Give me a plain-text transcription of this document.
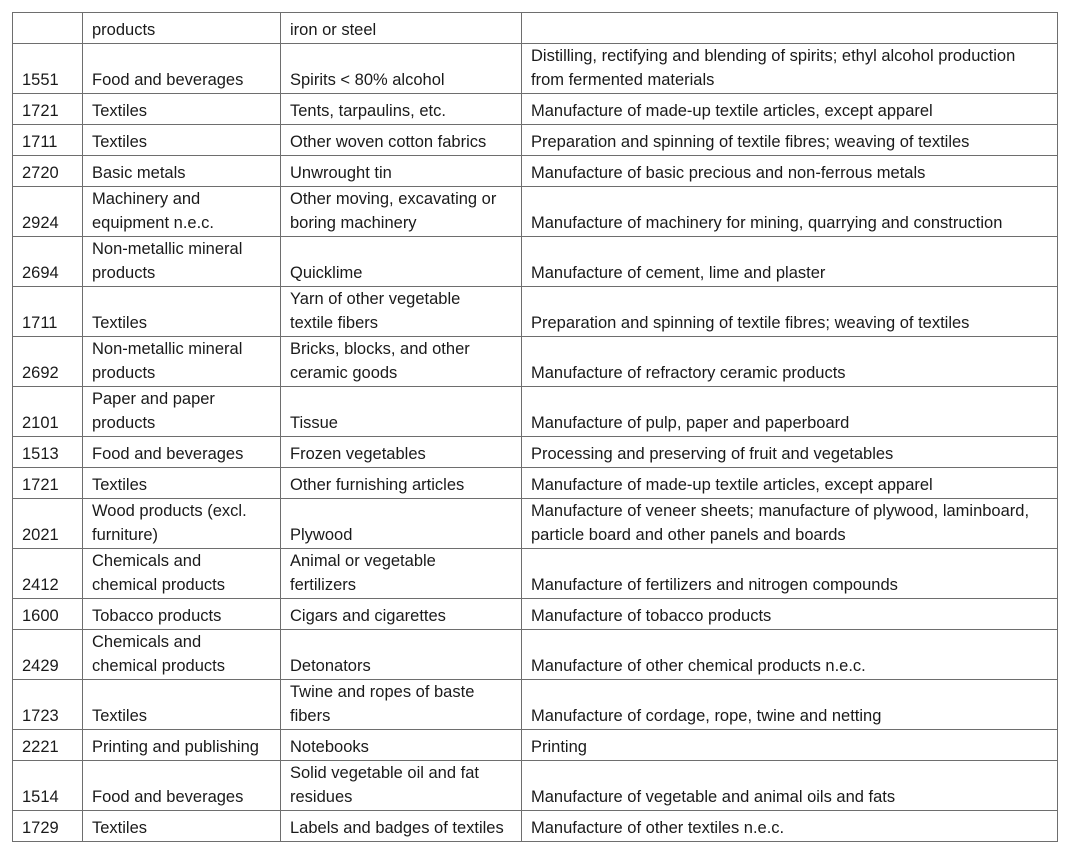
	products	iron or steel	

1551	Food and beverages	Spirits < 80% alcohol	Distilling, rectifying and blending of spirits; ethyl alcohol production
from fermented materials

1721	Textiles	Tents, tarpaulins, etc.	Manufacture of made-up textile articles, except apparel

1711	Textiles	Other woven cotton fabrics	Preparation and spinning of textile fibres; weaving of textiles

2720	Basic metals	Unwrought tin	Manufacture of basic precious and non-ferrous metals

2924	Machinery and
equipment n.e.c.	Other moving, excavating or
boring machinery	Manufacture of machinery for mining, quarrying and construction

2694	Non-metallic mineral
products	Quicklime	Manufacture of cement, lime and plaster

1711	Textiles	Yarn of other vegetable
textile fibers	Preparation and spinning of textile fibres; weaving of textiles

2692	Non-metallic mineral
products	Bricks, blocks, and other
ceramic goods	Manufacture of refractory ceramic products

2101	Paper and paper
products	Tissue	Manufacture of pulp, paper and paperboard

1513	Food and beverages	Frozen vegetables	Processing and preserving of fruit and vegetables

1721	Textiles	Other furnishing articles	Manufacture of made-up textile articles, except apparel

2021	Wood products (excl.
furniture)	Plywood	Manufacture of veneer sheets; manufacture of plywood, laminboard,
particle board and other panels and boards

2412	Chemicals and
chemical products	Animal or vegetable
fertilizers	Manufacture of fertilizers and nitrogen compounds

1600	Tobacco products	Cigars and cigarettes	Manufacture of tobacco products

2429	Chemicals and
chemical products	Detonators	Manufacture of other chemical products n.e.c.

1723	Textiles	Twine and ropes of baste
fibers	Manufacture of cordage, rope, twine and netting

2221	Printing and publishing	Notebooks	Printing

1514	Food and beverages	Solid vegetable oil and fat
residues	Manufacture of vegetable and animal oils and fats

1729	Textiles	Labels and badges of textiles	Manufacture of other textiles n.e.c.
